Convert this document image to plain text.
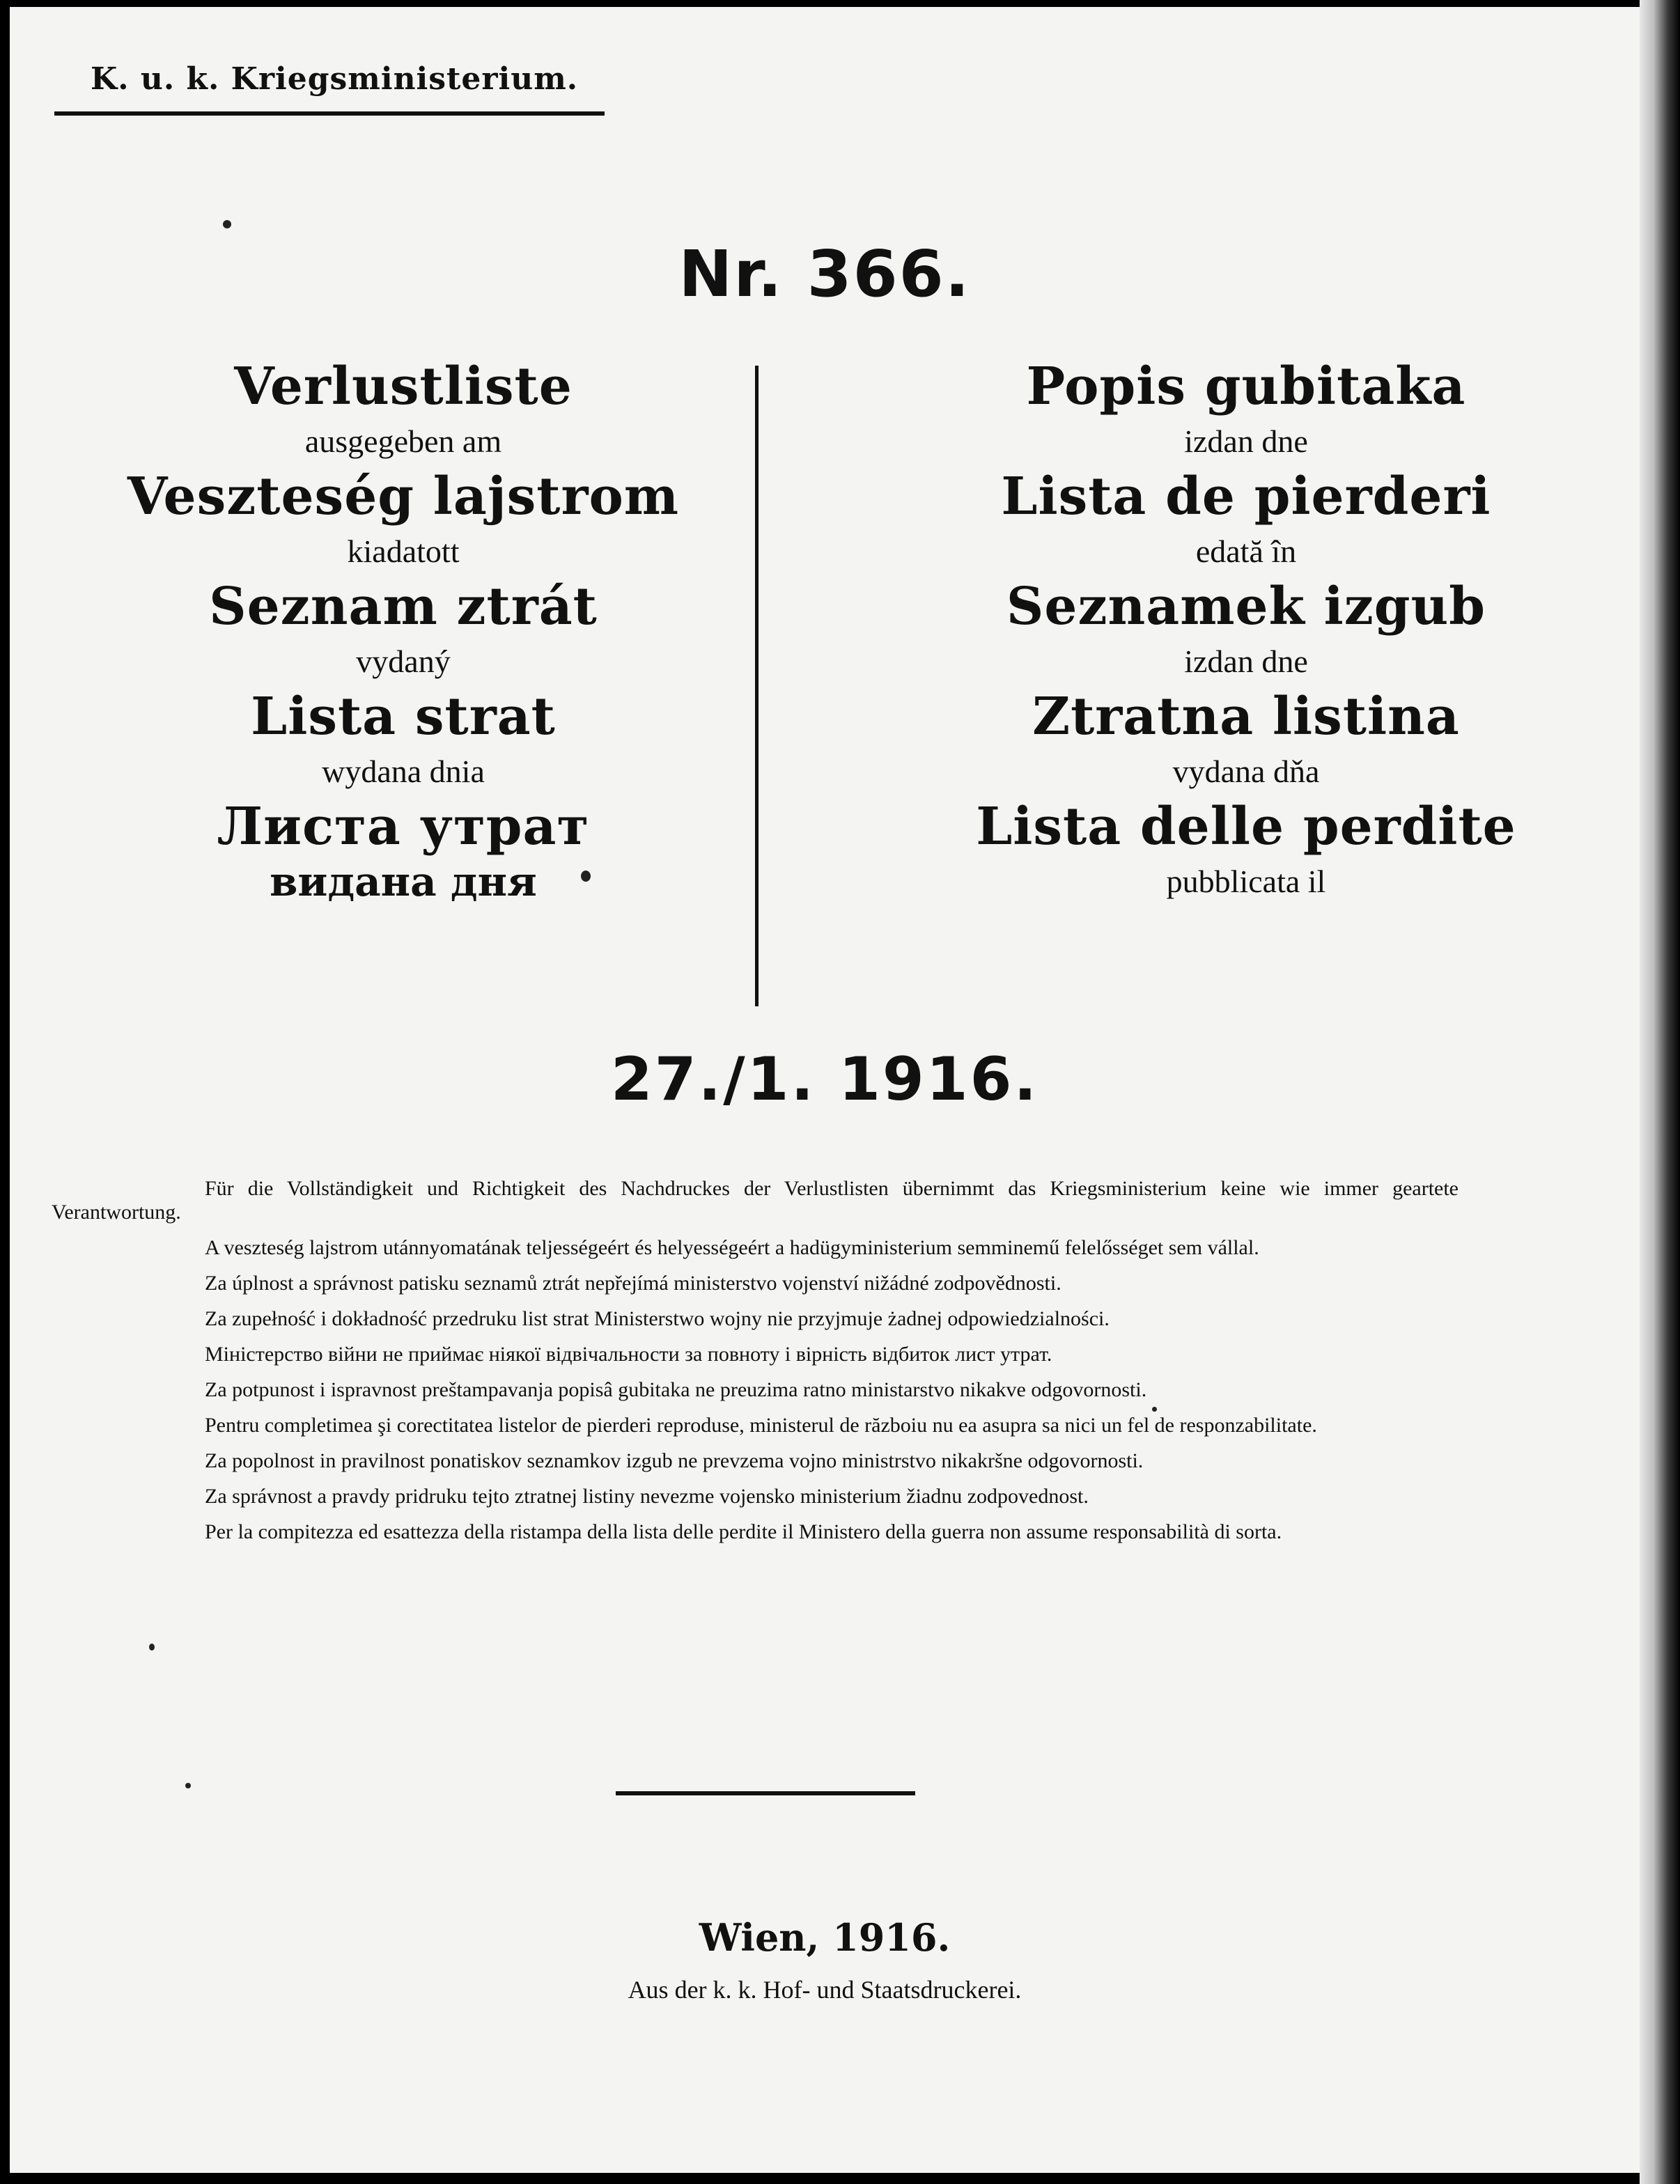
K. u. k. Kriegsministerium.
Nr. 366.
Verlustliste
ausgegeben am
Veszteség lajstrom
kiadatott
Seznam ztrát
vydaný
Lista strat
wydana dnia
Листа утрат
видана дня
Popis gubitaka
izdan dne
Lista de pierderi
edată în
Seznamek izgub
izdan dne
Ztratna listina
vydana dňa
Lista delle perdite
pubblicata il
27./1. 1916.

Für die Vollständigkeit und Richtigkeit des Nachdruckes der Verlustlisten übernimmt das Kriegsministerium keine wie immer geartete Verantwortung.

A veszteség lajstrom utánnyomatának teljességeért és helyességeért a hadügyministerium semminemű felelősséget sem vállal.

Za úplnost a správnost patisku seznamů ztrát nepřejímá ministerstvo vojenství nižádné zodpovědnosti.

Za zupełność i dokładność przedruku list strat Ministerstwo wojny nie przyjmuje żadnej odpowiedzialności.

Міністерство війни не приймає ніякої відвічальности за повноту і вірність відбиток лист утрат.

Za potpunost i ispravnost preštampavanja popisâ gubitaka ne preuzima ratno ministarstvo nikakve odgovornosti.

Pentru completimea şi corectitatea listelor de pierderi reproduse, ministerul de războiu nu ea asupra sa nici un fel de responzabilitate.

Za popolnost in pravilnost ponatiskov seznamkov izgub ne prevzema vojno ministrstvo nikakršne odgovornosti.

Za správnost a pravdy pridruku tejto ztratnej listiny nevezme vojensko ministerium žiadnu zodpovednost.

Per la compitezza ed esattezza della ristampa della lista delle perdite il Ministero della guerra non assume responsabilità di sorta.

Wien, 1916.
Aus der k. k. Hof- und Staatsdruckerei.
